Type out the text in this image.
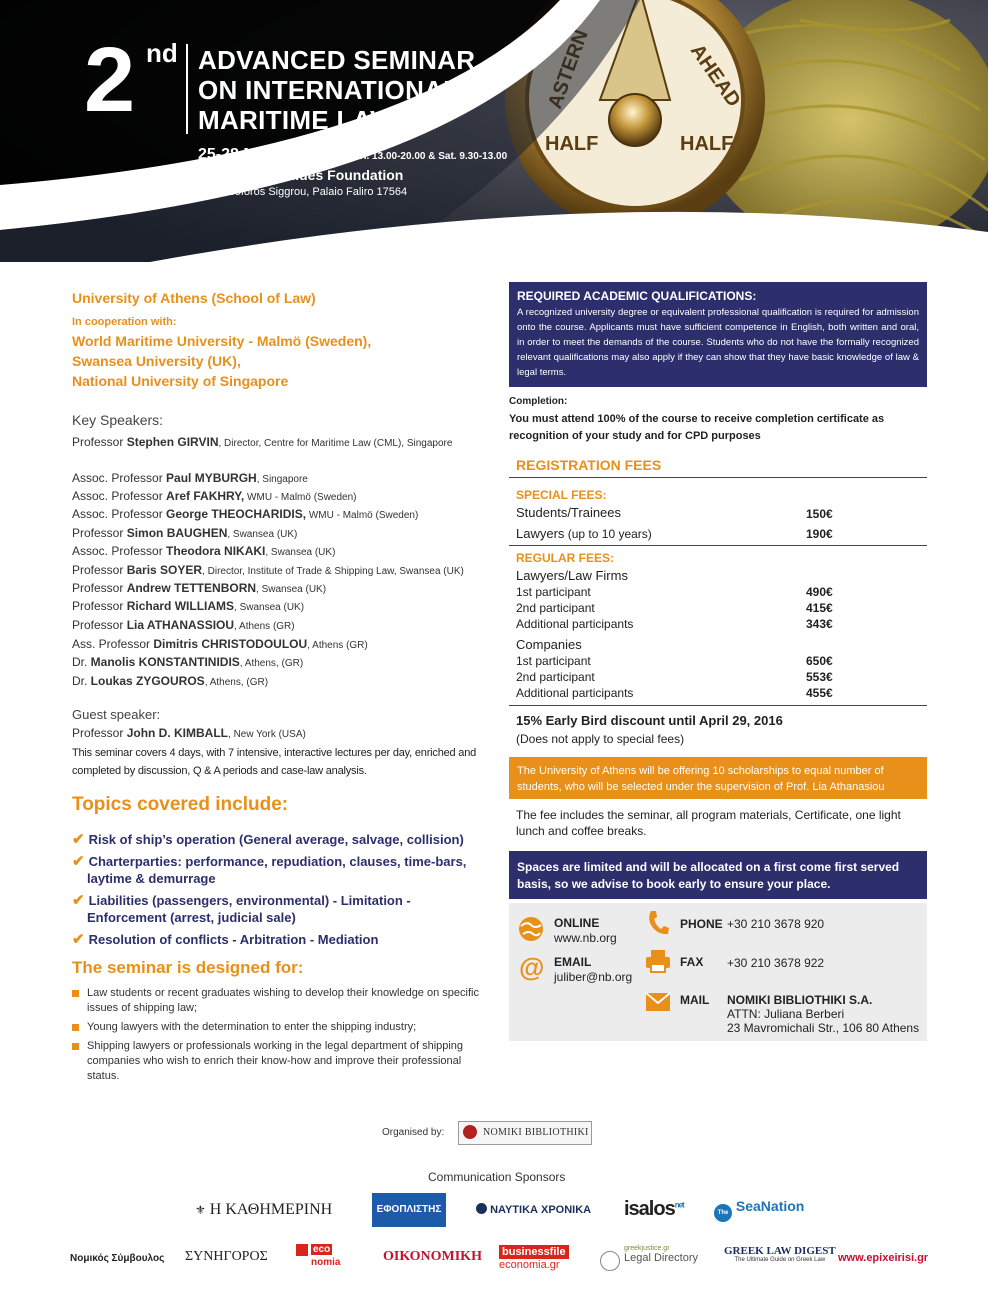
AHEAD
HALF	HALF
2 nd ADVANCED SEMINAR
ON INTERNATIONAL
MARITIME LAW
25-28 May, 2016, Wed.-Fri. 13.00-20.00 & Sat. 9.30-13.00
Athens, Evgenides Foundation
379, Leoforos Siggrou, Palaio Faliro 17564
University of Athens (School of Law)
In cooperation with:
World Maritime University - Malmö (Sweden),
Swansea University (UK),
National University of Singapore
Key Speakers:
Professor Stephen GIRVIN, Director, Centre for Maritime Law (CML), Singapore
Assoc. Professor Paul MYBURGH, Singapore
Assoc. Professor Aref FAKHRY, WMU - Malmö (Sweden)
Assoc. Professor George THEOCHARIDIS, WMU - Malmö (Sweden)
Professor Simon BAUGHEN, Swansea (UK)
Assoc. Professor Theodora NIKAKI, Swansea (UK)
Professor Baris SOYER, Director, Institute of Trade & Shipping Law, Swansea (UK)
Professor Andrew TETTENBORN, Swansea (UK)
Professor Richard WILLIAMS, Swansea (UK)
Professor Lia ATHANASSIOU, Athens (GR)
Ass. Professor Dimitris CHRISTODOULOU, Athens (GR)
Dr. Manolis KONSTANTINIDIS, Athens, (GR)
Dr. Loukas ZYGOUROS, Athens, (GR)
Guest speaker:
Professor John D. KIMBALL, New York (USA)
This seminar covers 4 days, with 7 intensive, interactive lectures per day, enriched and completed by discussion, Q & A periods and case-law analysis.
Topics covered include:
✔ Risk of ship’s operation (General average, salvage, collision)
✔ Charterparties: performance, repudiation, clauses, time-bars,
laytime & demurrage
✔ Liabilities (passengers, environmental) - Limitation -
Enforcement (arrest, judicial sale)
✔ Resolution of conflicts - Arbitration - Mediation
The seminar is designed for:
Law students or recent graduates wishing to develop their knowledge on specific issues of shipping law;
Young lawyers with the determination to enter the shipping industry;
Shipping lawyers or professionals working in the legal department of shipping companies who wish to enrich their know-how and improve their professional status.
REQUIRED ACADEMIC QUALIFICATIONS:
A recognized university degree or equivalent professional qualification is required for admission onto the course. Applicants must have sufficient competence in English, both written and oral, in order to meet the demands of the course. Students who do not have the formally recognized relevant qualifications may also apply if they can show that they have basic knowledge of law & legal terms.
Completion:
You must attend 100% of the course to receive completion certificate as recognition of your study and for CPD purposes
REGISTRATION FEES
SPECIAL FEES:
Students/Trainees	150€
Lawyers (up to 10 years)	190€
REGULAR FEES:
Lawyers/Law Firms
1st participant	490€
2nd participant	415€
Additional participants	343€
Companies
1st participant	650€
2nd participant	553€
Additional participants	455€
15% Early Bird discount until April 29, 2016
(Does not apply to special fees)
The University of Athens will be offering 10 scholarships to equal number of students, who will be selected under the supervision of Prof. Lia Athanasiou
The fee includes the seminar, all program materials, Certificate, one light lunch and coffee breaks.
Spaces are limited and will be allocated on a first come first served basis, so we advise to book early to ensure your place.
ONLINE
www.nb.org
@ EMAIL
juliber@nb.org
PHONE +30 210 3678 920
FAX +30 210 3678 922
MAIL NOMIKI BIBLIOTHIKI S.A.
ATTN: Juliana Berberi
23 Mavromichali Str., 106 80 Athens
Organised by:	NOMIKI BIBLIOTHIKI
Communication Sponsors
⚜ Η ΚΑΘΗΜΕΡΙΝΗ	ΕΦΟΠΛΙΣΤΗΣ	ΝΑΥΤΙΚΑ ΧΡΟΝΙΚΑ isalos$^{net}$
The SeaNation
Νομικός Σύμβουλος ΣΥΝΗΓΟΡΟΣ	eco
nomia	ΟΙΚΟΝΟΜΙΚΗ businessfile
economia.gr
greekjustice.gr
Legal Directory
GREEK LAW DIGEST
The Ultimate Guide on Greek Law	www.epixeirisi.gr
